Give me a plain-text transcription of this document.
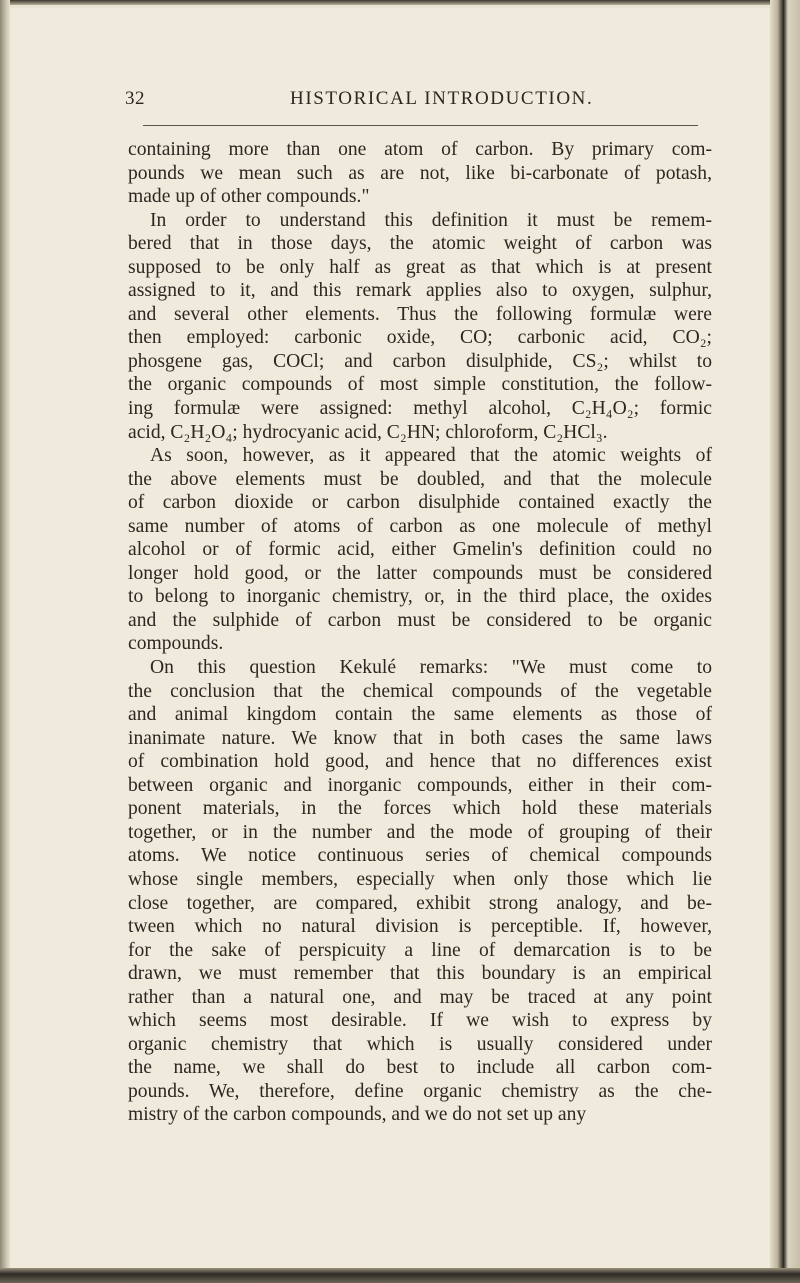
32	HISTORICAL INTRODUCTION.
containing more than one atom of carbon. By primary com-
pounds we mean such as are not, like bi-carbonate of potash,
made up of other compounds."
In order to understand this definition it must be remem-
bered that in those days, the atomic weight of carbon was
supposed to be only half as great as that which is at present
assigned to it, and this remark applies also to oxygen, sulphur,
and several other elements. Thus the following formulæ were
then employed: carbonic oxide, CO; carbonic acid, CO₂;
phosgene gas, COCl; and carbon disulphide, CS₂; whilst to
the organic compounds of most simple constitution, the follow-
ing formulæ were assigned: methyl alcohol, C₂H₄O₂; formic
acid, C₂H₂O₄; hydrocyanic acid, C₂HN; chloroform, C₂HCl₃.
As soon, however, as it appeared that the atomic weights of
the above elements must be doubled, and that the molecule
of carbon dioxide or carbon disulphide contained exactly the
same number of atoms of carbon as one molecule of methyl
alcohol or of formic acid, either Gmelin's definition could no
longer hold good, or the latter compounds must be considered
to belong to inorganic chemistry, or, in the third place, the oxides
and the sulphide of carbon must be considered to be organic
compounds.
On this question Kekulé remarks: "We must come to
the conclusion that the chemical compounds of the vegetable
and animal kingdom contain the same elements as those of
inanimate nature. We know that in both cases the same laws
of combination hold good, and hence that no differences exist
between organic and inorganic compounds, either in their com-
ponent materials, in the forces which hold these materials
together, or in the number and the mode of grouping of their
atoms. We notice continuous series of chemical compounds
whose single members, especially when only those which lie
close together, are compared, exhibit strong analogy, and be-
tween which no natural division is perceptible. If, however,
for the sake of perspicuity a line of demarcation is to be
drawn, we must remember that this boundary is an empirical
rather than a natural one, and may be traced at any point
which seems most desirable. If we wish to express by
organic chemistry that which is usually considered under
the name, we shall do best to include all carbon com-
pounds. We, therefore, define organic chemistry as the che-
mistry of the carbon compounds, and we do not set up any
